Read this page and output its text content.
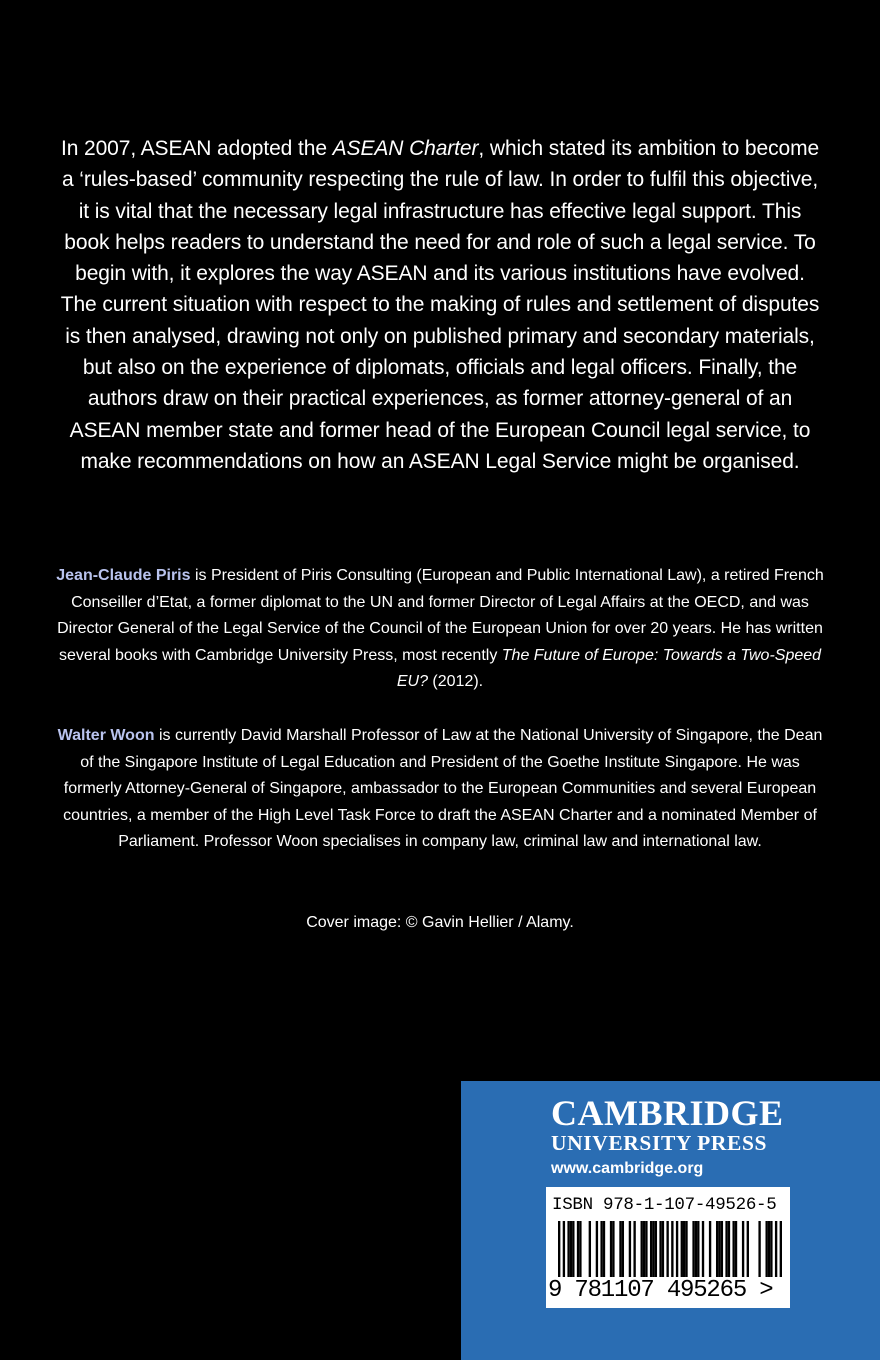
In 2007, ASEAN adopted the ASEAN Charter, which stated its ambition to become a ‘rules-based’ community respecting the rule of law. In order to fulfil this objective, it is vital that the necessary legal infrastructure has effective legal support. This book helps readers to understand the need for and role of such a legal service. To begin with, it explores the way ASEAN and its various institutions have evolved. The current situation with respect to the making of rules and settlement of disputes is then analysed, drawing not only on published primary and secondary materials, but also on the experience of diplomats, officials and legal officers. Finally, the authors draw on their practical experiences, as former attorney-general of an ASEAN member state and former head of the European Council legal service, to make recommendations on how an ASEAN Legal Service might be organised.

Jean-Claude Piris is President of Piris Consulting (European and Public International Law), a retired French Conseiller d’Etat, a former diplomat to the UN and former Director of Legal Affairs at the OECD, and was Director General of the Legal Service of the Council of the European Union for over 20 years. He has written several books with Cambridge University Press, most recently The Future of Europe: Towards a Two-Speed EU? (2012).

Walter Woon is currently David Marshall Professor of Law at the National University of Singapore, the Dean of the Singapore Institute of Legal Education and President of the Goethe Institute Singapore. He was formerly Attorney-General of Singapore, ambassador to the European Communities and several European countries, a member of the High Level Task Force to draft the ASEAN Charter and a nominated Member of Parliament. Professor Woon specialises in company law, criminal law and international law.

Cover image: © Gavin Hellier / Alamy.

CAMBRIDGE
UNIVERSITY PRESS
www.cambridge.org
ISBN 978-1-107-49526-5
9 781107 495265 >
